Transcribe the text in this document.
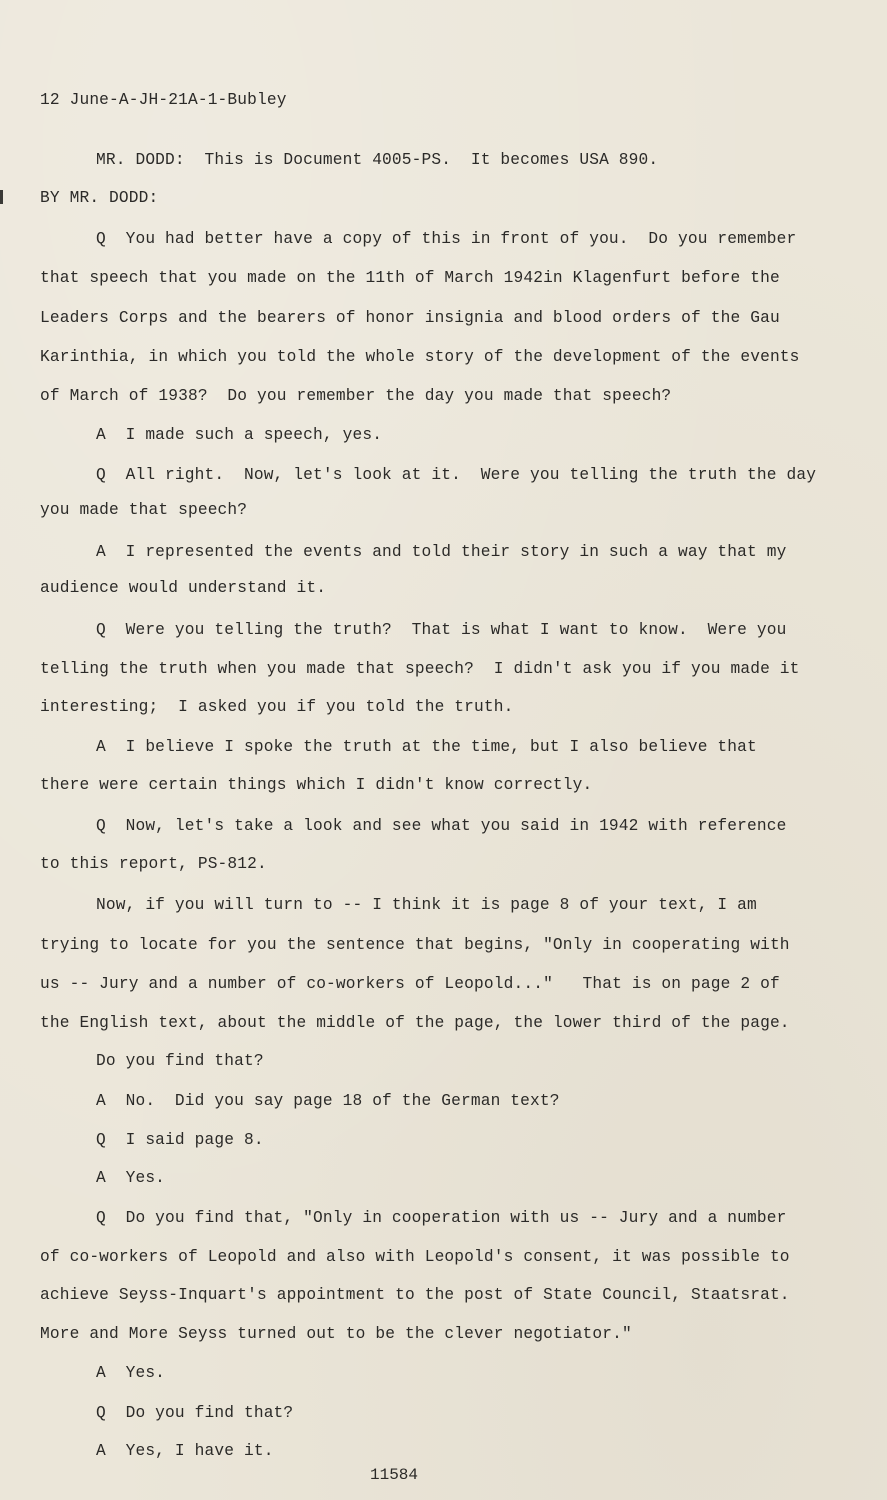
12 June-A-JH-21A-1-Bubley
MR. DODD:  This is Document 4005-PS.  It becomes USA 890.
BY MR. DODD:
Q  You had better have a copy of this in front of you.  Do you remember
that speech that you made on the 11th of March 1942in Klagenfurt before the
Leaders Corps and the bearers of honor insignia and blood orders of the Gau
Karinthia, in which you told the whole story of the development of the events
of March of 1938?  Do you remember the day you made that speech?
A  I made such a speech, yes.
Q  All right.  Now, let's look at it.  Were you telling the truth the day
you made that speech?
A  I represented the events and told their story in such a way that my
audience would understand it.
Q  Were you telling the truth?  That is what I want to know.  Were you
telling the truth when you made that speech?  I didn't ask you if you made it
interesting;  I asked you if you told the truth.
A  I believe I spoke the truth at the time, but I also believe that
there were certain things which I didn't know correctly.
Q  Now, let's take a look and see what you said in 1942 with reference
to this report, PS-812.
Now, if you will turn to -- I think it is page 8 of your text, I am
trying to locate for you the sentence that begins, "Only in cooperating with
us -- Jury and a number of co-workers of Leopold..."   That is on page 2 of
the English text, about the middle of the page, the lower third of the page.
Do you find that?
A  No.  Did you say page 18 of the German text?
Q  I said page 8.
A  Yes.
Q  Do you find that, "Only in cooperation with us -- Jury and a number
of co-workers of Leopold and also with Leopold's consent, it was possible to
achieve Seyss-Inquart's appointment to the post of State Council, Staatsrat.
More and More Seyss turned out to be the clever negotiator."
A  Yes.
Q  Do you find that?
A  Yes, I have it.
11584
